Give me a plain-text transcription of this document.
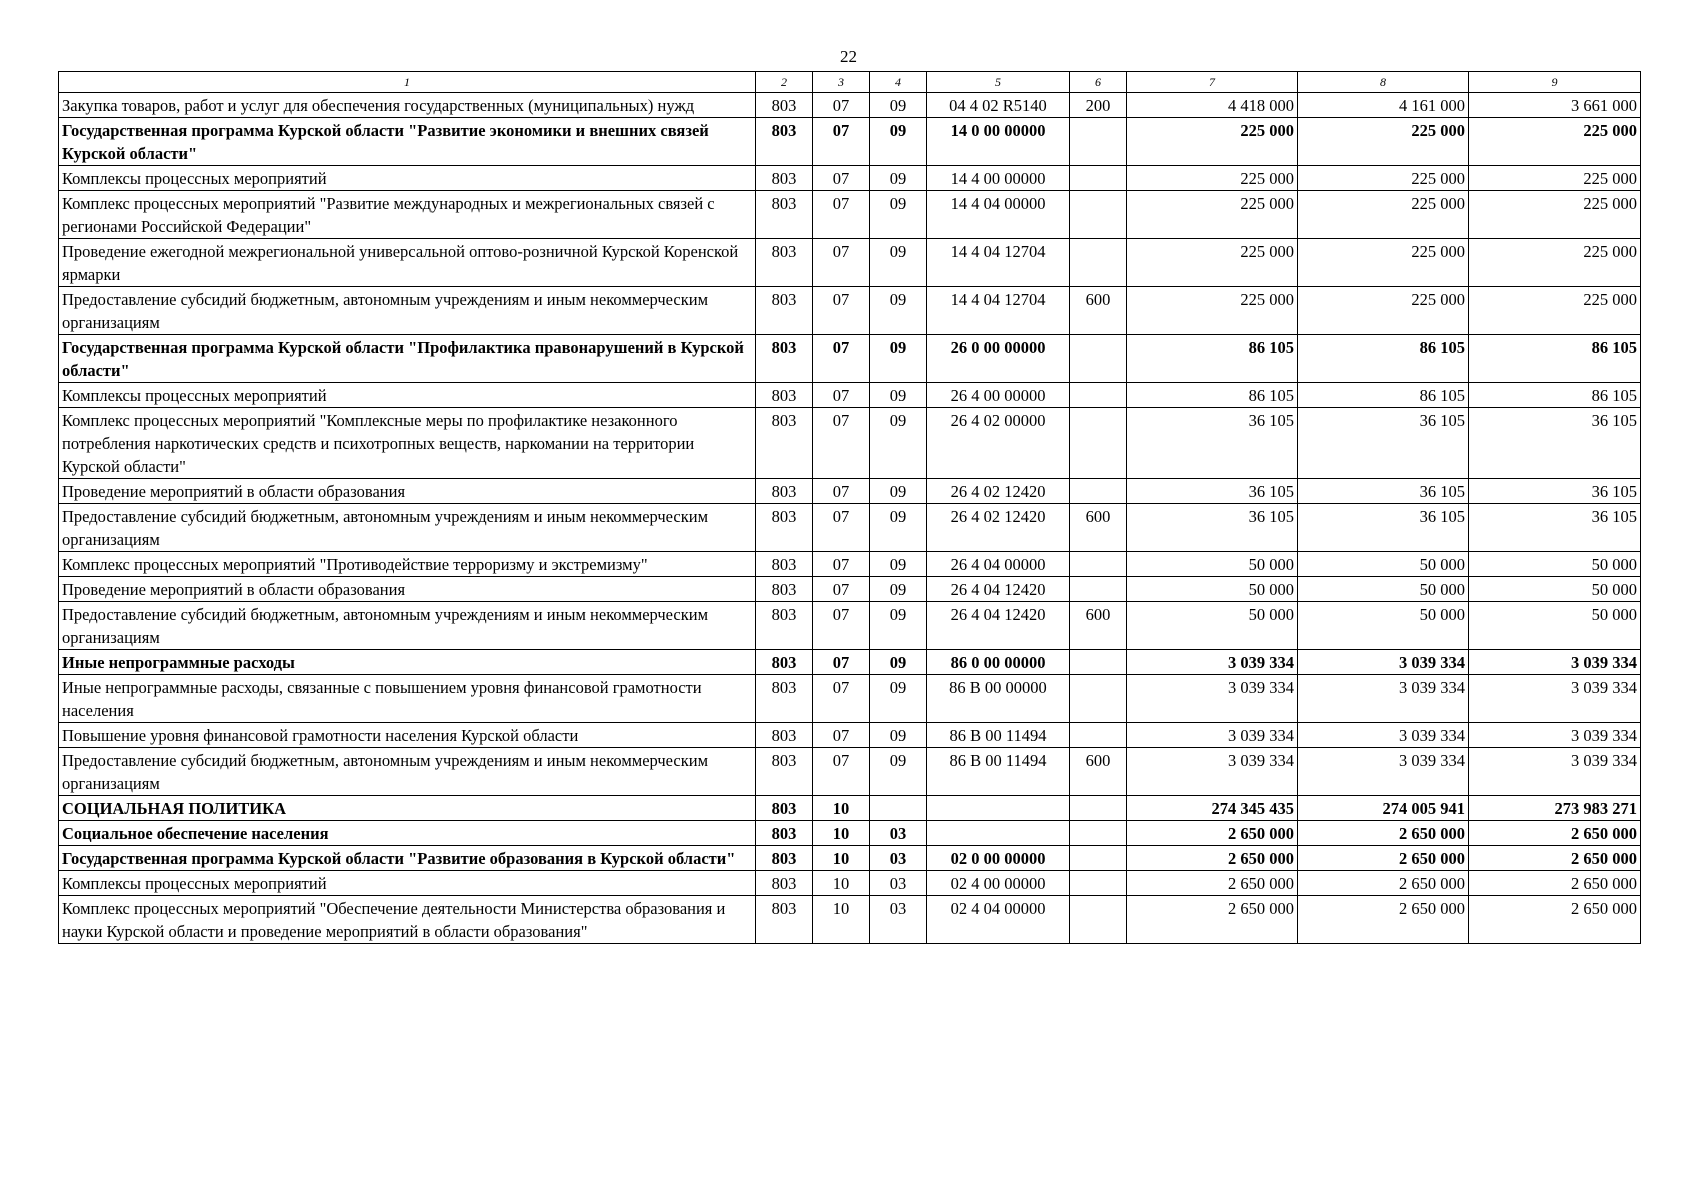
22
1	2	3	4	5	6	7	8	9
Закупка товаров, работ и услуг для обеспечения государственных (муниципальных) нужд	803	07	09	04 4 02 R5140	200	4 418 000	4 161 000	3 661 000
Государственная программа Курской области "Развитие экономики и внешних связей Курской области"	803	07	09	14 0 00 00000		225 000	225 000	225 000
Комплексы процессных мероприятий	803	07	09	14 4 00 00000		225 000	225 000	225 000
Комплекс процессных мероприятий "Развитие международных и межрегиональных связей с регионами Российской Федерации"	803	07	09	14 4 04 00000		225 000	225 000	225 000
Проведение ежегодной межрегиональной универсальной оптово-розничной Курской Коренской ярмарки	803	07	09	14 4 04 12704		225 000	225 000	225 000
Предоставление субсидий бюджетным, автономным учреждениям и иным некоммерческим организациям	803	07	09	14 4 04 12704	600	225 000	225 000	225 000
Государственная программа Курской области "Профилактика правонарушений в Курской области"	803	07	09	26 0 00 00000		86 105	86 105	86 105
Комплексы процессных мероприятий	803	07	09	26 4 00 00000		86 105	86 105	86 105
Комплекс процессных мероприятий "Комплексные меры по профилактике незаконного потребления наркотических средств и психотропных веществ, наркомании на территории Курской области"	803	07	09	26 4 02 00000		36 105	36 105	36 105
Проведение мероприятий в области образования	803	07	09	26 4 02 12420		36 105	36 105	36 105
Предоставление субсидий бюджетным, автономным учреждениям и иным некоммерческим организациям	803	07	09	26 4 02 12420	600	36 105	36 105	36 105
Комплекс процессных мероприятий "Противодействие терроризму и экстремизму"	803	07	09	26 4 04 00000		50 000	50 000	50 000
Проведение мероприятий в области образования	803	07	09	26 4 04 12420		50 000	50 000	50 000
Предоставление субсидий бюджетным, автономным учреждениям и иным некоммерческим организациям	803	07	09	26 4 04 12420	600	50 000	50 000	50 000
Иные непрограммные расходы	803	07	09	86 0 00 00000		3 039 334	3 039 334	3 039 334
Иные непрограммные расходы, связанные с повышением уровня финансовой грамотности населения	803	07	09	86 В 00 00000		3 039 334	3 039 334	3 039 334
Повышение уровня финансовой грамотности населения Курской области	803	07	09	86 В 00 11494		3 039 334	3 039 334	3 039 334
Предоставление субсидий бюджетным, автономным учреждениям и иным некоммерческим организациям	803	07	09	86 В 00 11494	600	3 039 334	3 039 334	3 039 334
СОЦИАЛЬНАЯ ПОЛИТИКА	803	10				274 345 435	274 005 941	273 983 271
Социальное обеспечение населения	803	10	03			2 650 000	2 650 000	2 650 000
Государственная программа Курской области "Развитие образования в Курской области"	803	10	03	02 0 00 00000		2 650 000	2 650 000	2 650 000
Комплексы процессных мероприятий	803	10	03	02 4 00 00000		2 650 000	2 650 000	2 650 000
Комплекс процессных мероприятий "Обеспечение деятельности Министерства образования и науки Курской области и проведение мероприятий в области образования"	803	10	03	02 4 04 00000		2 650 000	2 650 000	2 650 000
